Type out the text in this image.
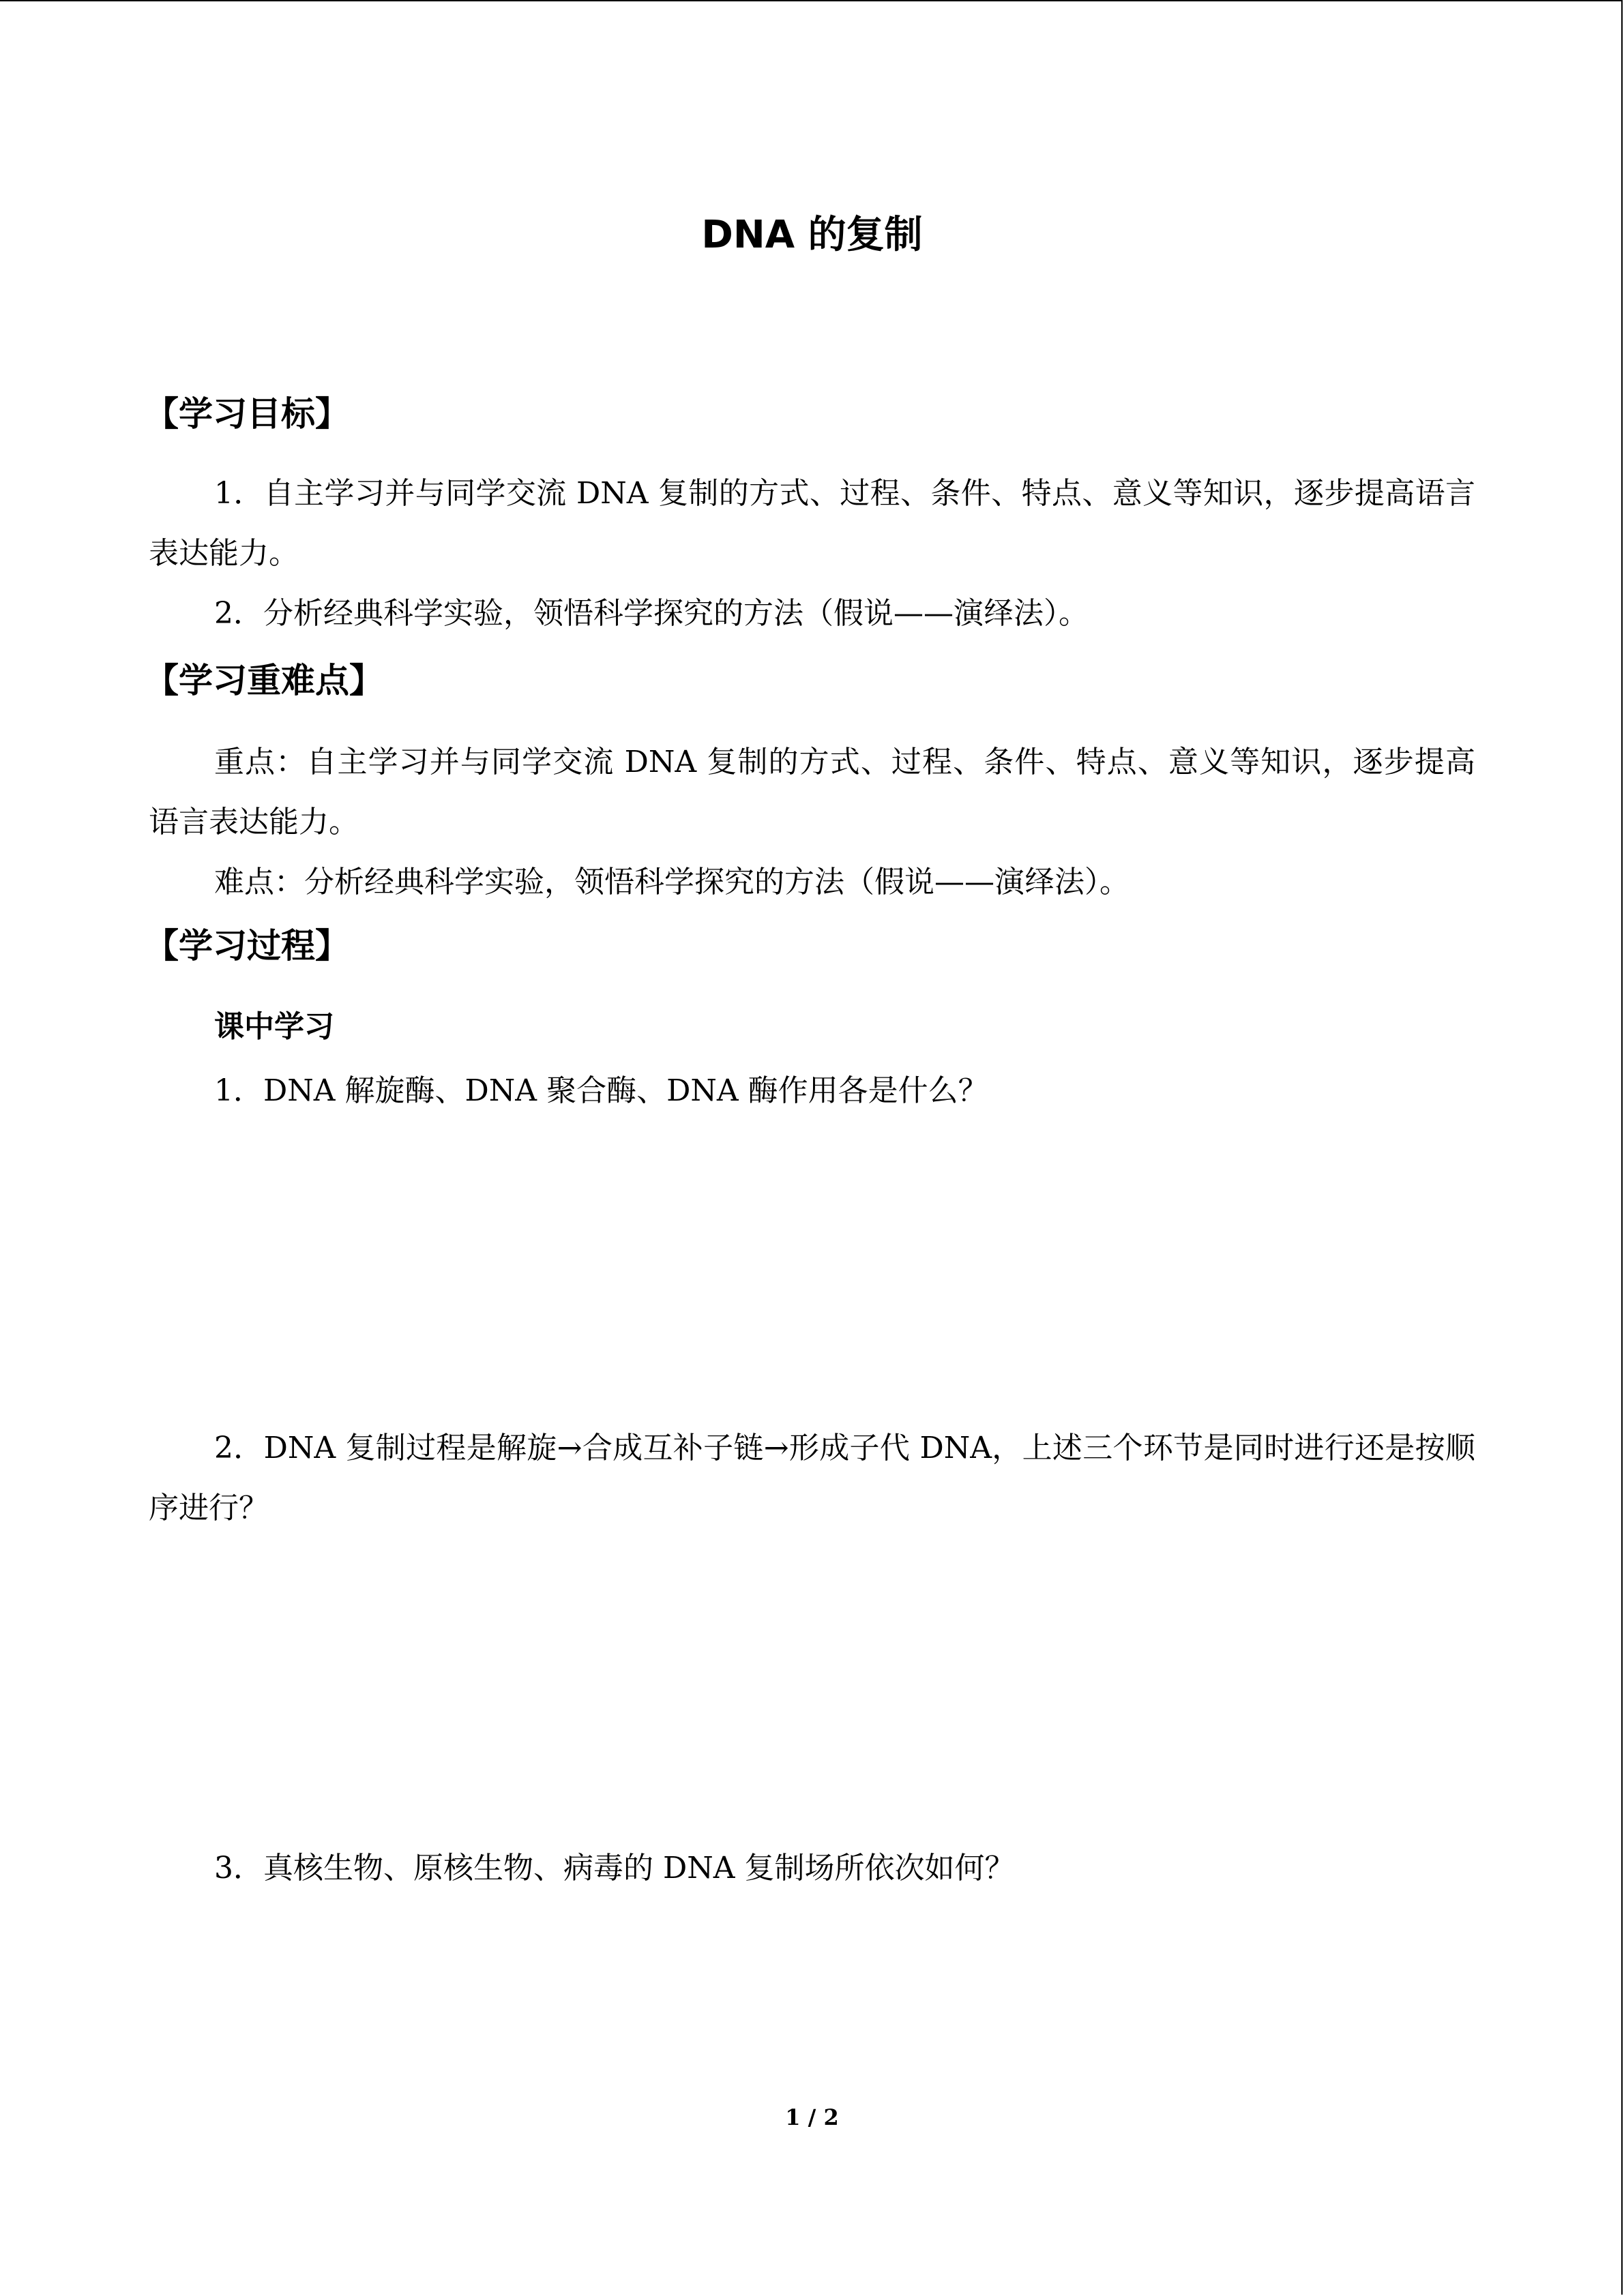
DNA 的复制
【学习目标】
1．自主学习并与同学交流 DNA 复制的方式、过程、条件、特点、意义等知识，逐步提高语言表达能力。
2．分析经典科学实验，领悟科学探究的方法（假说——演绎法）。
【学习重难点】
重点：自主学习并与同学交流 DNA 复制的方式、过程、条件、特点、意义等知识，逐步提高语言表达能力。
难点：分析经典科学实验，领悟科学探究的方法（假说——演绎法）。
【学习过程】
课中学习
1．DNA 解旋酶、DNA 聚合酶、DNA 酶作用各是什么？
2．DNA 复制过程是解旋→合成互补子链→形成子代 DNA，上述三个环节是同时进行还是按顺序进行？
3．真核生物、原核生物、病毒的 DNA 复制场所依次如何？
1 / 2
